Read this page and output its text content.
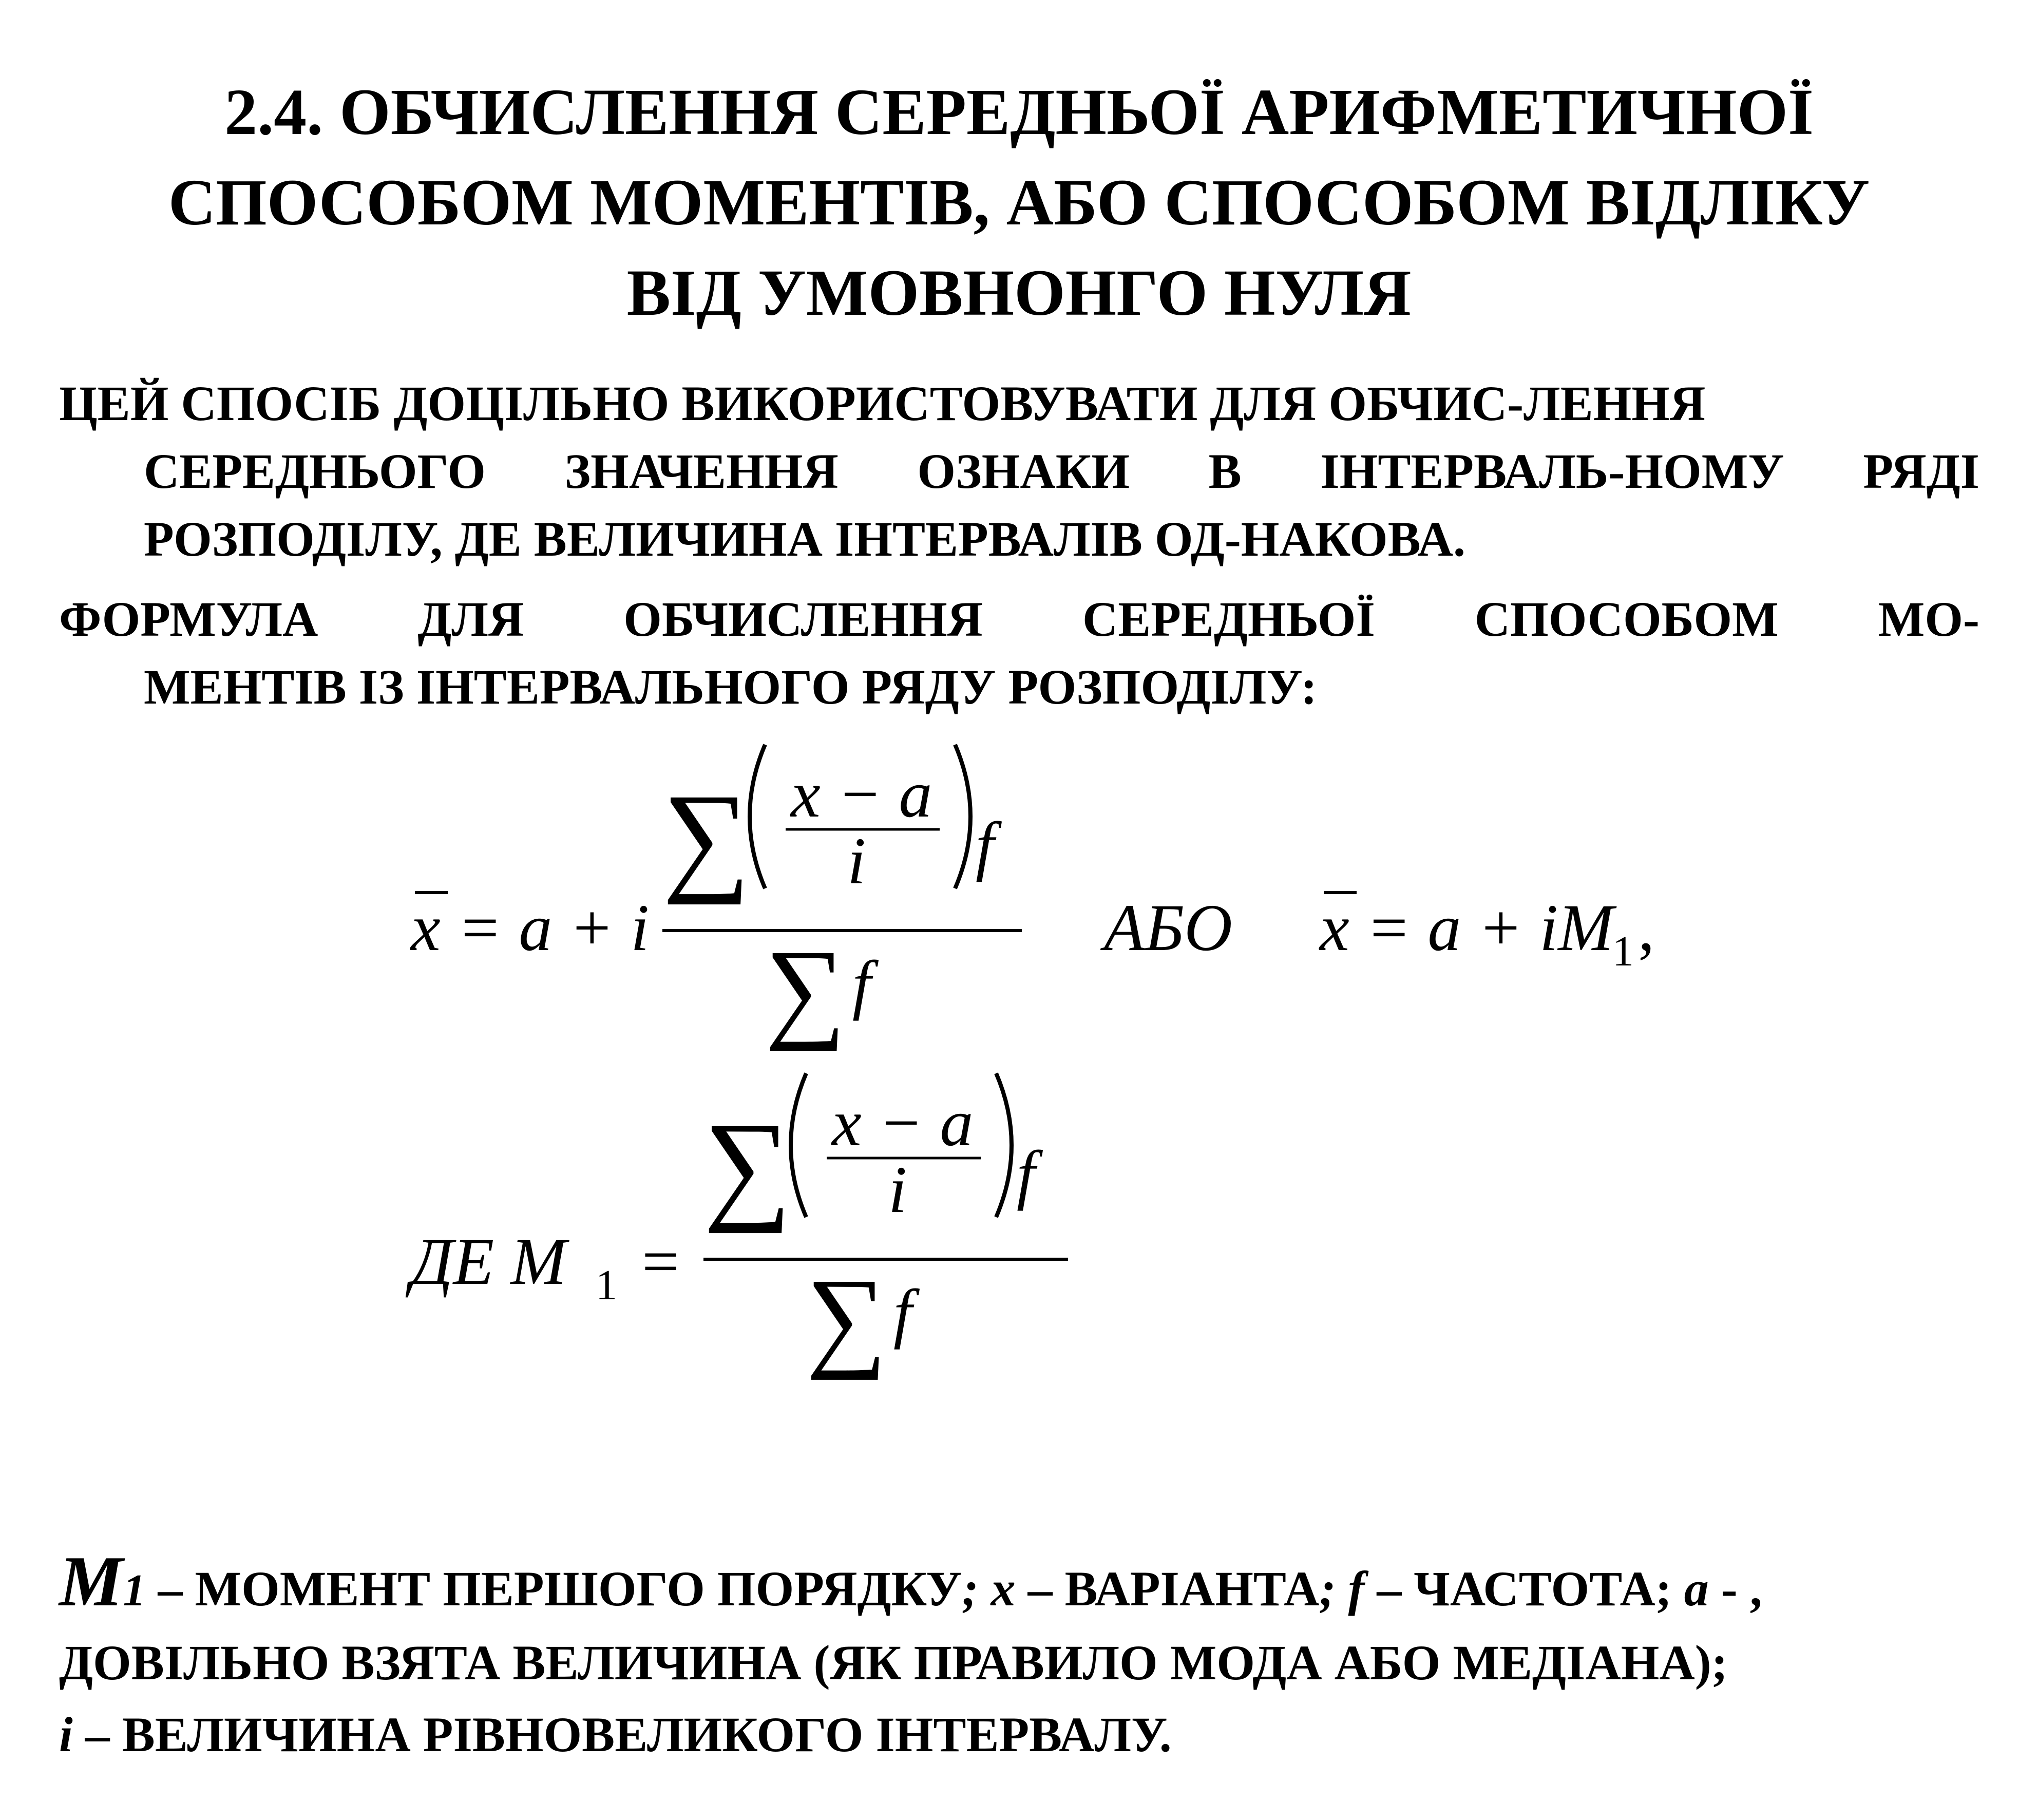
2.4. ОБЧИСЛЕННЯ СЕРЕДНЬОЇ АРИФМЕТИЧНОЇ
СПОСОБОМ МОМЕНТІВ, АБО СПОСОБОМ ВІДЛІКУ
ВІД УМОВНОНГО НУЛЯ
ЦЕЙ СПОСІБ ДОЦІЛЬНО ВИКОРИСТОВУВАТИ ДЛЯ ОБЧИС-ЛЕННЯ
СЕРЕДНЬОГО ЗНАЧЕННЯ ОЗНАКИ В ІНТЕРВАЛЬ-НОМУ РЯДІ
РОЗПОДІЛУ, ДЕ ВЕЛИЧИНА ІНТЕРВАЛІВ ОД-НАКОВА.
ФОРМУЛА ДЛЯ ОБЧИСЛЕННЯ СЕРЕДНЬОЇ СПОСОБОМ МО-
МЕНТІВ ІЗ ІНТЕРВАЛЬНОГО РЯДУ РОЗПОДІЛУ:
x = a + i
∑ x − a
i f
∑ f
АБО x = a + iM
1 ,
ДЕ M 1 =
∑ x − a
i f
∑ f
M1 – МОМЕНТ ПЕРШОГО ПОРЯДКУ; x – ВАРІАНТА; f – ЧАСТОТА; a - ,
ДОВІЛЬНО ВЗЯТА ВЕЛИЧИНА (ЯК ПРАВИЛО МОДА АБО МЕДІАНА);
i – ВЕЛИЧИНА РІВНОВЕЛИКОГО ІНТЕРВАЛУ.
